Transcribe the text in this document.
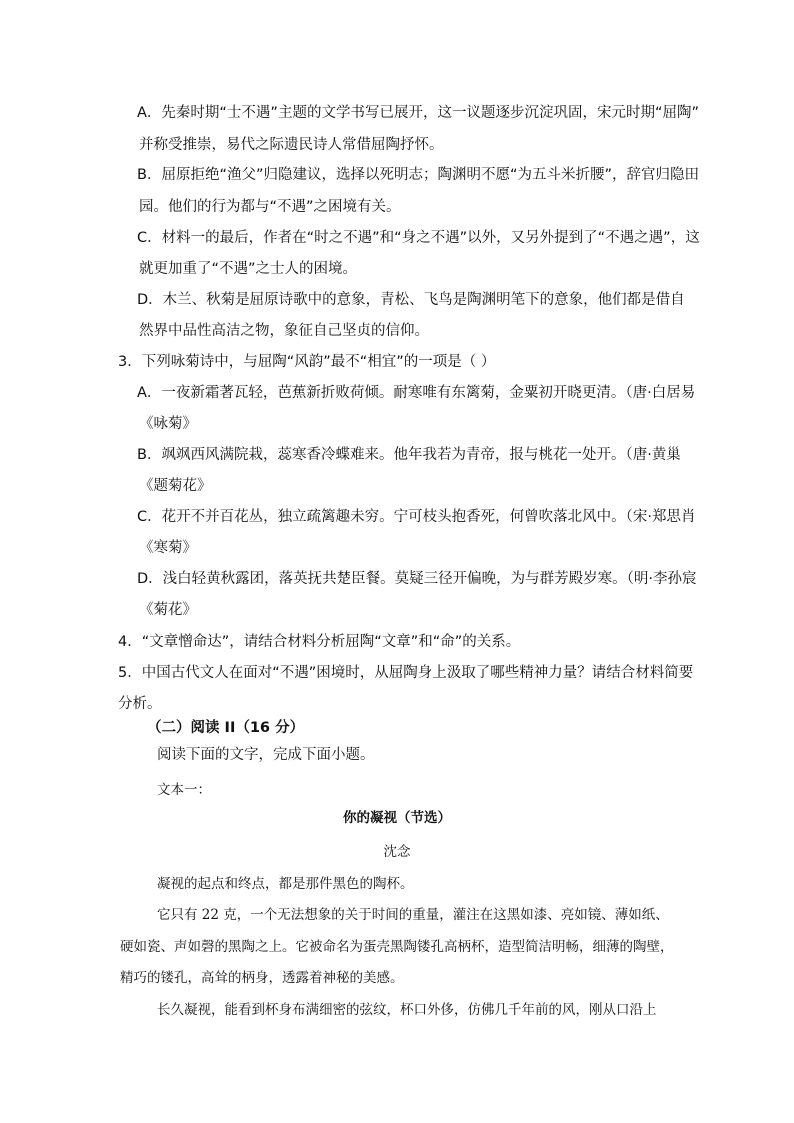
A．先秦时期“士不遇”主题的文学书写已展开，这一议题逐步沉淀巩固，宋元时期“屈陶”
并称受推崇，易代之际遗民诗人常借屈陶抒怀。
B．屈原拒绝“渔父”归隐建议，选择以死明志；陶渊明不愿“为五斗米折腰”，辞官归隐田
园。他们的行为都与“不遇”之困境有关。
C．材料一的最后，作者在“时之不遇”和“身之不遇”以外，又另外提到了“不遇之遇”，这
就更加重了“不遇”之士人的困境。
D．木兰、秋菊是屈原诗歌中的意象，青松、飞鸟是陶渊明笔下的意象，他们都是借自
然界中品性高洁之物，象征自己坚贞的信仰。
3．下列咏菊诗中，与屈陶“风韵”最不“相宜”的一项是（ ）
A．一夜新霜著瓦轻，芭蕉新折败荷倾。耐寒唯有东篱菊，金粟初开晓更清。（唐·白居易
《咏菊》
B．飒飒西风满院栽，蕊寒香冷蝶难来。他年我若为青帝，报与桃花一处开。（唐·黄巢
《题菊花》
C．花开不并百花丛，独立疏篱趣未穷。宁可枝头抱香死，何曾吹落北风中。（宋·郑思肖
《寒菊》
D．浅白轻黄秋露团，落英抚共楚臣餐。莫疑三径开偏晚，为与群芳殿岁寒。（明·李孙宸
《菊花》
4．“文章憎命达”，请结合材料分析屈陶“文章”和“命”的关系。
5．中国古代文人在面对“不遇”困境时，从屈陶身上汲取了哪些精神力量？请结合材料简要
分析。
（二）阅读 II（16 分）
阅读下面的文字，完成下面小题。
文本一：
你的凝视（节选）
沈念
凝视的起点和终点，都是那件黑色的陶杯。
它只有 22 克，一个无法想象的关于时间的重量，灌注在这黑如漆、亮如镜、薄如纸、
硬如瓷、声如磬的黑陶之上。它被命名为蛋壳黑陶镂孔高柄杯，造型简洁明畅，细薄的陶壁，
精巧的镂孔，高耸的柄身，透露着神秘的美感。
长久凝视，能看到杯身布满细密的弦纹，杯口外侈，仿佛几千年前的风，刚从口沿上
